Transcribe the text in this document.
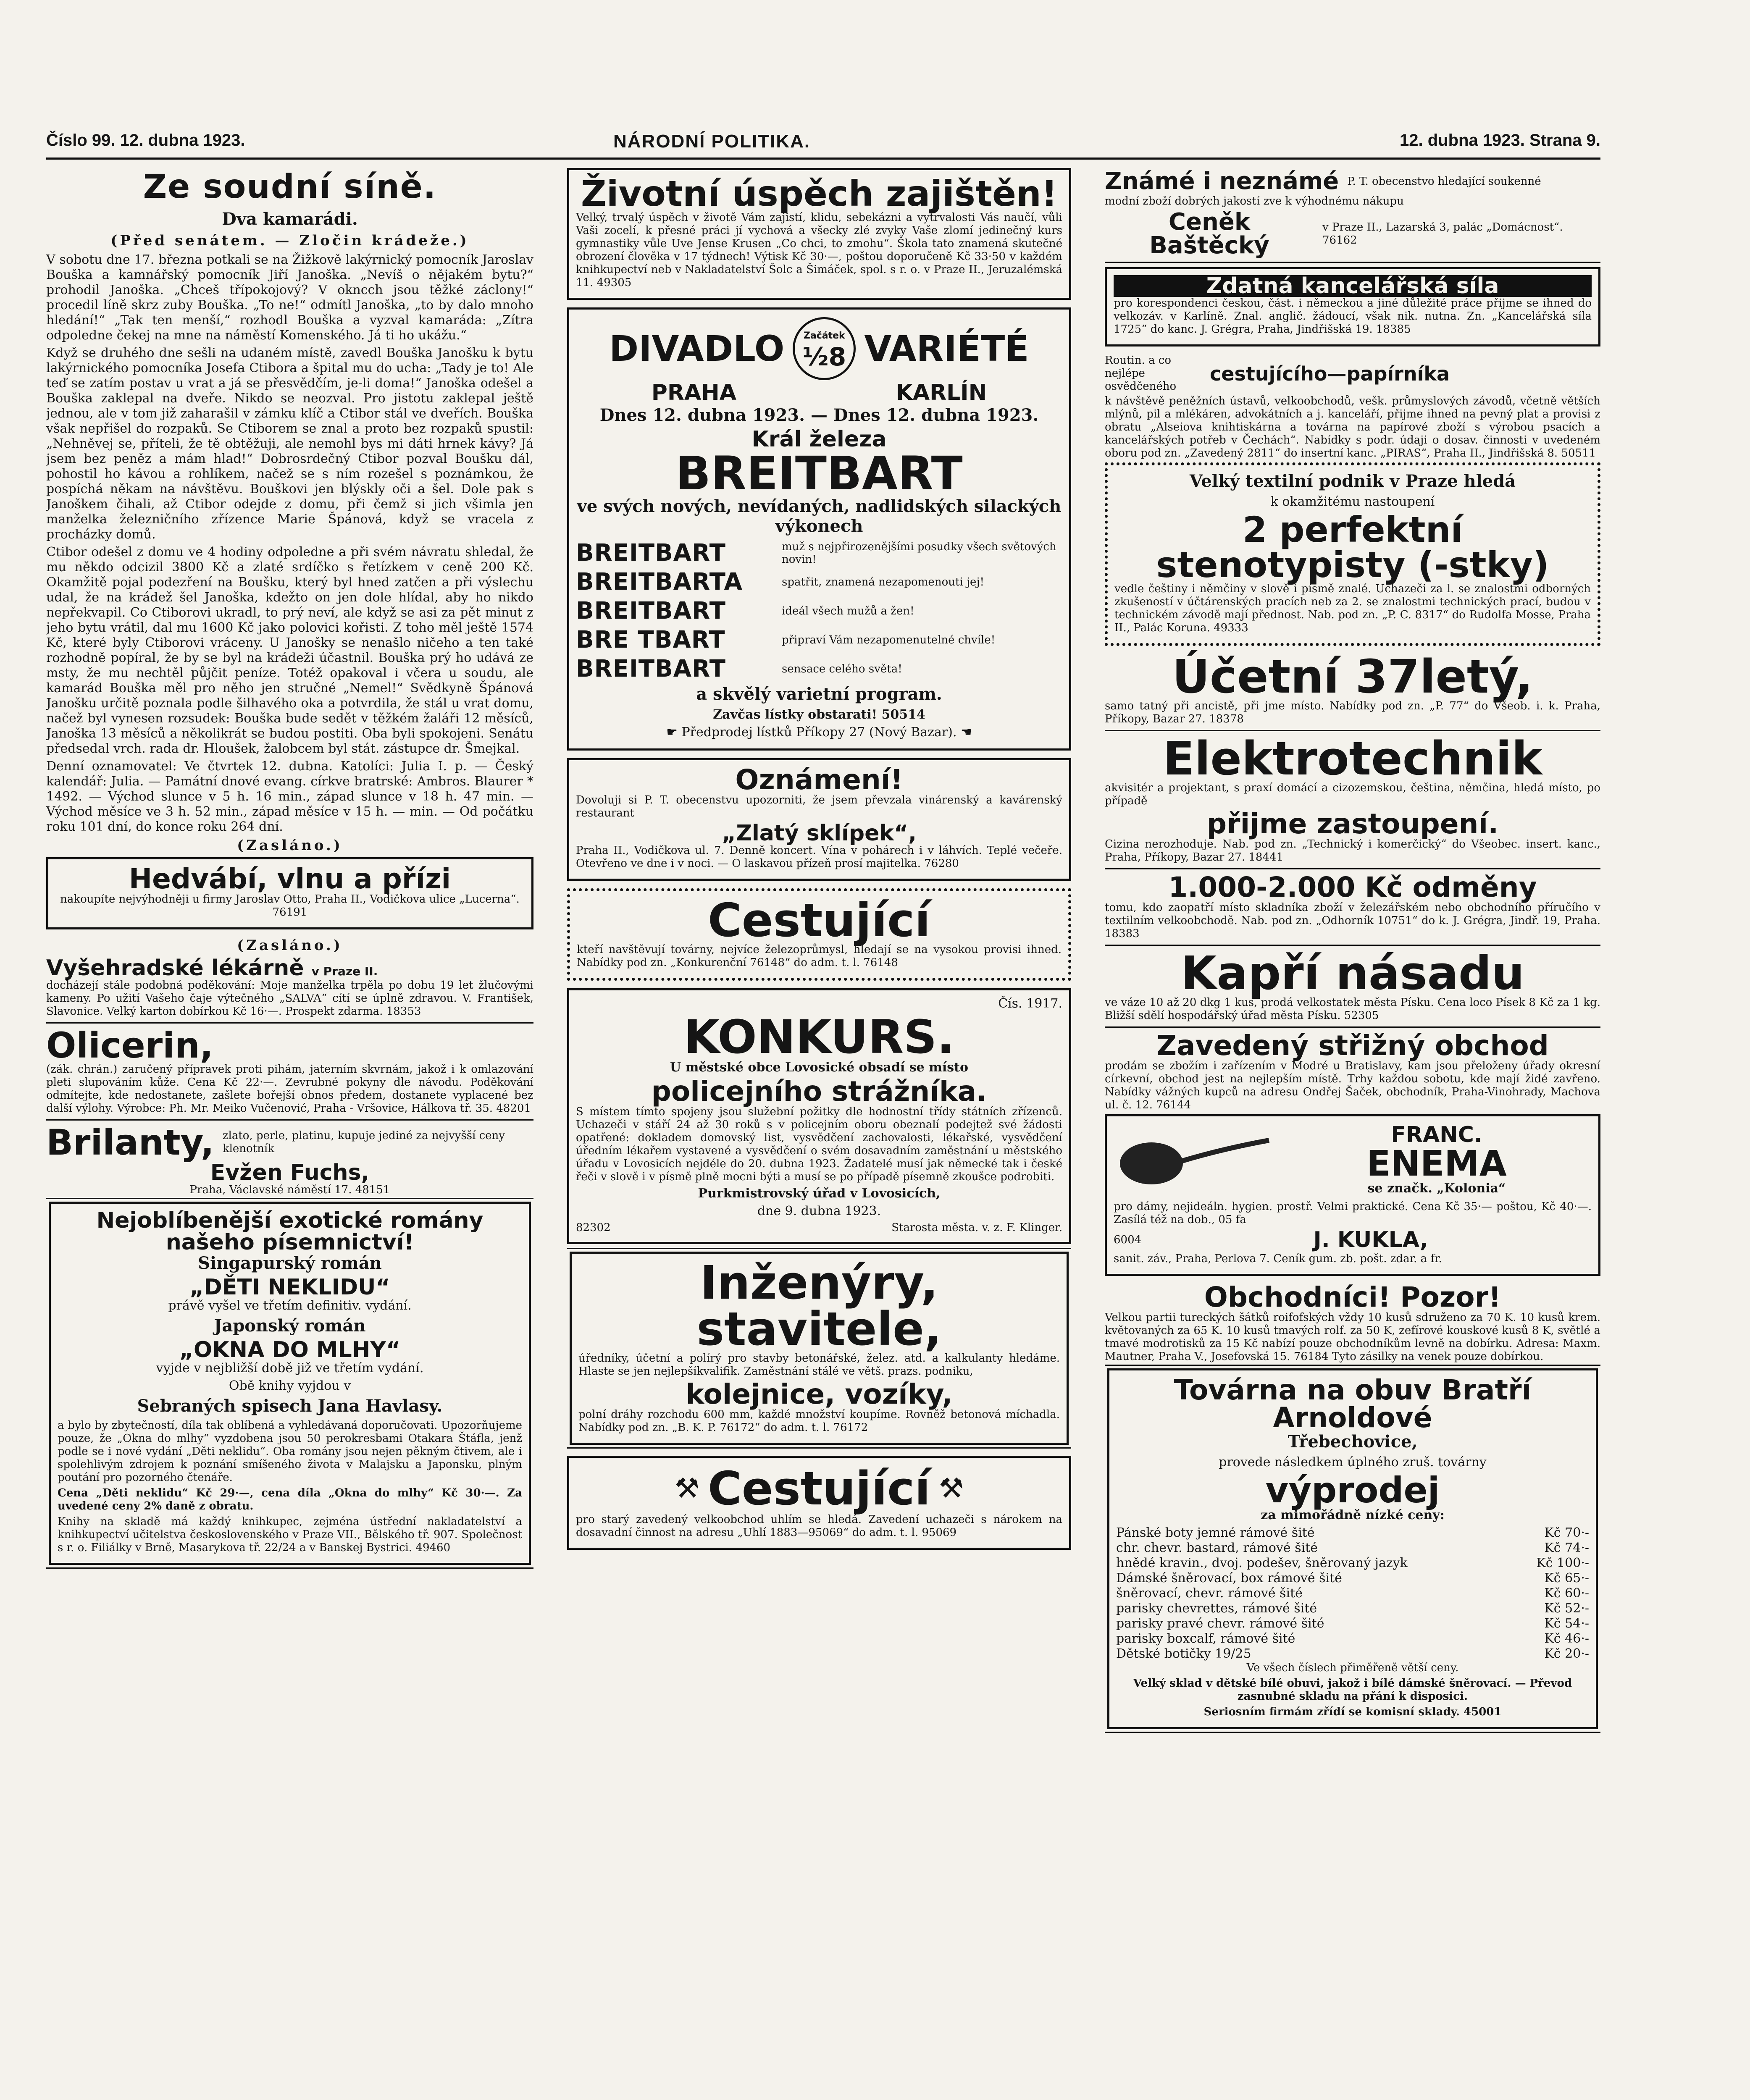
Číslo 99. 12. dubna 1923.	NÁRODNÍ POLITIKA.	12. dubna 1923. Strana 9.
Ze soudní síně.
Dva kamarádi.
(Před senátem. — Zločin krádeže.)

V sobotu dne 17. března potkali se na Žižkově lakýrnický pomocník Jaroslav Bouška a kamnářský pomocník Jiří Janoška. „Nevíš o nějakém bytu?“ prohodil Janoška. „Chceš třípokojový? V okncch jsou těžké záclony!“ procedil líně skrz zuby Bouška. „To ne!“ odmítl Janoška, „to by dalo mnoho hledání!“ „Tak ten menší,“ rozhodl Bouška a vyzval kamaráda: „Zítra odpoledne čekej na mne na náměstí Komenského. Já ti ho ukážu.“

Když se druhého dne sešli na udaném místě, zavedl Bouška Janošku k bytu lakýrnického pomocníka Josefa Ctibora a špital mu do ucha: „Tady je to! Ale teď se zatím postav u vrat a já se přesvědčím, je-li doma!“ Janoška odešel a Bouška zaklepal na dveře. Nikdo se neozval. Pro jistotu zaklepal ještě jednou, ale v tom již zaharašil v zámku klíč a Ctibor stál ve dveřích. Bouška však nepřišel do rozpaků. Se Ctiborem se znal a proto bez rozpaků spustil: „Nehněvej se, příteli, že tě obtěžuji, ale nemohl bys mi dáti hrnek kávy? Já jsem bez peněz a mám hlad!“ Dobrosrdečný Ctibor pozval Boušku dál, pohostil ho kávou a rohlíkem, načež se s ním rozešel s poznámkou, že pospíchá někam na návštěvu. Bouškovi jen blýskly oči a šel. Dole pak s Janoškem čihali, až Ctibor odejde z domu, při čemž si jich všimla jen manželka železničního zřízence Marie Špánová, když se vracela z procházky domů.

Ctibor odešel z domu ve 4 hodiny odpoledne a při svém návratu shledal, že mu někdo odcizil 3800 Kč a zlaté srdíčko s řetízkem v ceně 200 Kč. Okamžitě pojal podezření na Boušku, který byl hned zatčen a při výslechu udal, že na krádež šel Janoška, kdežto on jen dole hlídal, aby ho nikdo nepřekvapil. Co Ctiborovi ukradl, to prý neví, ale když se asi za pět minut z jeho bytu vrátil, dal mu 1600 Kč jako polovici kořisti. Z toho měl ještě 1574 Kč, které byly Ctiborovi vráceny. U Janošky se nenašlo ničeho a ten také rozhodně popíral, že by se byl na krádeži účastnil. Bouška prý ho udává ze msty, že mu nechtěl půjčit peníze. Totéž opakoval i včera u soudu, ale kamarád Bouška měl pro něho jen stručné „Nemel!“ Svědkyně Špánová Janošku určitě poznala podle šilhavého oka a potvrdila, že stál u vrat domu, načež byl vynesen rozsudek: Bouška bude sedět v těžkém žaláři 12 měsíců, Janoška 13 měsíců a několikrát se budou postiti. Oba byli spokojeni. Senátu předsedal vrch. rada dr. Hloušek, žalobcem byl stát. zástupce dr. Šmejkal.

Denní oznamovatel: Ve čtvrtek 12. dubna. Katolíci: Julia I. p. — Český kalendář: Julia. — Památní dnové evang. církve bratrské: Ambros. Blaurer * 1492. — Východ slunce v 5 h. 16 min., západ slunce v 18 h. 47 min. — Východ měsíce ve 3 h. 52 min., západ měsíce v 15 h. — min. — Od počátku roku 101 dní, do konce roku 264 dní.

(Zasláno.)
Hedvábí, vlnu a přízi

nakoupíte nejvýhodněji u firmy Jaroslav Otto, Praha II., Vodičkova ulice „Lucerna“. 76191

(Zasláno.)
Vyšehradské lékárně v Praze II.

docházejí stále podobná poděkování: Moje manželka trpěla po dobu 19 let žlučovými kameny. Po užití Vašeho čaje výtečného „SALVA“ cítí se úplně zdravou. V. František, Slavonice. Velký karton dobírkou Kč 16·—. Prospekt zdarma. 18353

Olicerin,

(zák. chrán.) zaručený přípravek proti pihám, jaterním skvrnám, jakož i k omlazování pleti slupováním kůže. Cena Kč 22·—. Zevrubné pokyny dle návodu. Poděkování odmítejte, kde nedostanete, zašlete bořejší obnos předem, dostanete vyplacené bez další výlohy. Výrobce: Ph. Mr. Meiko Vučenović, Praha - Vršovice, Hálkova tř. 35. 48201

Brilanty, zlato, perle, platinu, kupuje jediné za nejvyšší ceny klenotník
Evžen Fuchs,

Praha, Václavské náměstí 17. 48151

Nejoblíbenější exotické romány našeho písemnictví!
Singapurský román
„DĚTI NEKLIDU“

právě vyšel ve třetím definitiv. vydání.

Japonský román
„OKNA DO MLHY“

vyjde v nejbližší době již ve třetím vydání.

Obě knihy vyjdou v

Sebraných spisech Jana Havlasy.

a bylo by zbytečností, díla tak oblíbená a vyhledávaná doporučovati. Upozorňujeme pouze, že „Okna do mlhy“ vyzdobena jsou 50 perokresbami Otakara Štáfla, jenž podle se i nové vydání „Děti neklidu“. Oba romány jsou nejen pěkným čtivem, ale i spolehlivým zdrojem k poznání smíšeného života v Malajsku a Japonsku, plným poutání pro pozorného čtenáře.

Cena „Děti neklidu“ Kč 29·—, cena díla „Okna do mlhy“ Kč 30·—. Za uvedené ceny 2% daně z obratu.

Knihy na skladě má každý knihkupec, zejména ústřední nakladatelství a knihkupectví učitelstva československého v Praze VII., Bělského tř. 907. Společnost s r. o. Filiálky v Brně, Masarykova tř. 22/24 a v Banskej Bystrici. 49460

Životní úspěch zajištěn!

Velký, trvalý úspěch v životě Vám zajistí, klidu, sebekázni a vytrvalosti Vás naučí, vůli Vaši zocelí, k přesné práci jí vychová a všecky zlé zvyky Vaše zlomí jedinečný kurs gymnastiky vůle Uve Jense Krusen „Co chci, to zmohu“. Škola tato znamená skutečné obrození člověka v 17 týdnech! Výtisk Kč 30·—, poštou doporučeně Kč 33·50 v každém knihkupectví neb v Nakladatelství Šolc a Šimáček, spol. s r. o. v Praze II., Jeruzalémská 11. 49305

DIVADLO	Začátek
½8 VARIÉTÉ
PRAHA	KARLÍN
Dnes 12. dubna 1923. — Dnes 12. dubna 1923.
Král železa
BREITBART
ve svých nových, nevídaných, nadlidských silackých výkonech
BREITBART	muž s nejpřirozenějšími posudky všech světových novin!
BREITBARTA	spatřit, znamená nezapomenouti jej!
BREITBART	ideál všech mužů a žen!
BRE TBART	připraví Vám nezapomenutelné chvíle!
BREITBART	sensace celého světa!
a skvělý varietní program.

Zavčas lístky obstarati! 50514

☛ Předprodej lístků Příkopy 27 (Nový Bazar). ☚

Oznámení!

Dovoluji si P. T. obecenstvu upozorniti, že jsem převzala vinárenský a kavárenský restaurant

„Zlatý sklípek“,

Praha II., Vodičkova ul. 7. Denně koncert. Vína v pohárech i v láhvích. Teplé večeře. Otevřeno ve dne i v noci. — O laskavou přízeň prosí majitelka. 76280

Cestující

kteří navštěvují továrny, nejvíce železoprůmysl, hledají se na vysokou provisi ihned. Nabídky pod zn. „Konkurenční 76148“ do adm. t. l. 76148

Čís. 1917.

KONKURS.

U městské obce Lovosické obsadí se místo

policejního strážníka.

S místem tímto spojeny jsou služební požitky dle hodnostní třídy státních zřízenců. Uchazeči v stáří 24 až 30 roků s v policejním oboru obeznalí podejtež své žádosti opatřené: dokladem domovský list, vysvědčení zachovalosti, lékařské, vysvědčení úředním lékařem vystavené a vysvědčení o svém dosavadním zaměstnání u městského úřadu v Lovosicích nejdéle do 20. dubna 1923. Žadatelé musí jak německé tak i české řeči v slově i v písmě plně mocni býti a musí se po případě písemně zkoušce podrobiti.

Purkmistrovský úřad v Lovosicích,

dne 9. dubna 1923.

82302	Starosta města. v. z. F. Klinger.
Inženýry, stavitele,

úředníky, účetní a polírý pro stavby betonářské, želez. atd. a kalkulanty hledáme. Hlaste se jen nejlepšíkvalifik. Zaměstnání stálé ve větš. prazs. podniku,

kolejnice, vozíky,

polní dráhy rozchodu 600 mm, každé množství koupíme. Rovněž betonová míchadla. Nabídky pod zn. „B. K. P. 76172“ do adm. t. l. 76172

⚒ Cestující ⚒

pro starý zavedený velkoobchod uhlím se hledá. Zavedení uchazeči s nárokem na dosavadní činnost na adresu „Uhlí 1883—95069“ do adm. t. l. 95069

Známé i neznámé P. T. obecenstvo hledající soukenné

modní zboží dobrých jakostí zve k výhodnému nákupu

Ceněk Baštěcký
v Praze II., Lazarská 3, palác „Domácnost“. 76162
Zdatná kancelářská síla

pro korespondenci českou, část. i německou a jiné důležité práce přijme se ihned do velkozáv. v Karlíně. Znal. anglič. žádoucí, však nik. nutna. Zn. „Kancelářská síla 1725“ do kanc. J. Grégra, Praha, Jindřišská 19. 18385

Routin. a co nejlépe osvědčeného
cestujícího—papírníka

k návštěvě peněžních ústavů, velkoobchodů, vešk. průmyslových závodů, včetně větších mlýnů, pil a mlékáren, advokátních a j. kanceláří, přijme ihned na pevný plat a provisi z obratu „Alseiova knihtiskárna a továrna na papírové zboží s výrobou psacích a kancelářských potřeb v Čechách“. Nabídky s podr. údaji o dosav. činnosti v uvedeném oboru pod zn. „Zavedený 2811“ do insertní kanc. „PIRAS“, Praha II., Jindřišská 8. 50511

Velký textilní podnik v Praze hledá

k okamžitému nastoupení

2 perfektní stenotypisty (-stky)

vedle češtiny i němčiny v slově i písmě znalé. Uchazeči za l. se znalostmi odborných zkušeností v účtárenských pracích neb za 2. se znalostmi technických prací, budou v technickém závodě mají přednost. Nab. pod zn. „P. C. 8317“ do Rudolfa Mosse, Praha II., Palác Koruna. 49333

Účetní 37letý,

samo tatný při ancistě, při jme místo. Nabídky pod zn. „P. 77“ do Všeob. i. k. Praha, Příkopy, Bazar 27. 18378

Elektrotechnik

akvisitér a projektant, s praxí domácí a cizozemskou, čeština, němčina, hledá místo, po případě

přijme zastoupení.

Cizina nerozhoduje. Nab. pod zn. „Technický i komerčický“ do Všeobec. insert. kanc., Praha, Příkopy, Bazar 27. 18441

1.000-2.000 Kč odměny

tomu, kdo zaopatří místo skladníka zboží v železářském nebo obchodního příručího v textilním velkoobchodě. Nab. pod zn. „Odhorník 10751“ do k. J. Grégra, Jindř. 19, Praha. 18383

Kapří násadu

ve váze 10 až 20 dkg 1 kus, prodá velkostatek města Písku. Cena loco Písek 8 Kč za 1 kg. Bližší sdělí hospodářský úřad města Písku. 52305

Zavedený střižný obchod

prodám se zbožím i zařízením v Modré u Bratislavy, kam jsou přeloženy úřady okresní církevní, obchod jest na nejlepším místě. Trhy každou sobotu, kde mají židé zavřeno. Nabídky vážných kupců na adresu Ondřej Šaček, obchodník, Praha-Vinohrady, Machova ul. č. 12. 76144

FRANC.
ENEMA

se značk. „Kolonia“

pro dámy, nejideáln. hygien. prostř. Velmi praktické. Cena Kč 35·— poštou, Kč 40·—. Zasílá též na dob., 05 fa

6004	J. KUKLA,

sanit. záv., Praha, Perlova 7. Ceník gum. zb. pošt. zdar. a fr.

Obchodníci! Pozor!

Velkou partii tureckých šátků roifofských vždy 10 kusů sdruženo za 70 K. 10 kusů krem. květovaných za 65 K. 10 kusů tmavých rolf. za 50 K, zefírové kouskové kusů 8 K, světlé a tmavé modrotisků za 15 Kč nabízí pouze obchodníkům levně na dobírku. Adresa: Maxm. Mautner, Praha V., Josefovská 15. 76184 Tyto zásilky na venek pouze dobírkou.

Továrna na obuv Bratří Arnoldové
Třebechovice,

provede následkem úplného zruš. továrny

výprodej

za mimořádně nízké ceny:

Pánské boty jemné rámové šité	Kč 70·-
chr. chevr. bastard, rámové šité	Kč 74·-
hnědé kravin., dvoj. podešev, šněrovaný jazyk	Kč 100·-
Dámské šněrovací, box rámové šité	Kč 65·-
šněrovací, chevr. rámové šité	Kč 60·-
parisky chevrettes, rámové šité	Kč 52·-
parisky pravé chevr. rámové šité	Kč 54·-
parisky boxcalf, rámové šité	Kč 46·-
Dětské botičky 19/25	Kč 20·-

Ve všech číslech přiměřeně větší ceny.

Velký sklad v dětské bílé obuvi, jakož i bílé dámské šněrovací. — Převod zasnubné skladu na přání k disposici.

Seriosním firmám zřídí se komisní sklady. 45001
